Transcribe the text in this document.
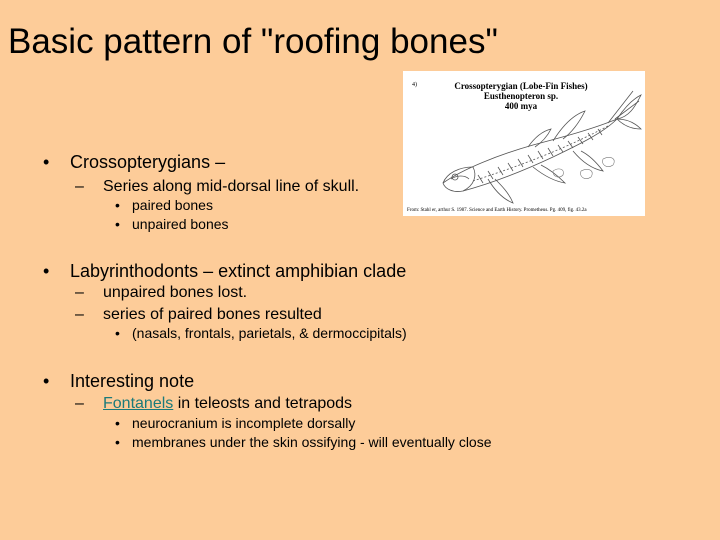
Basic pattern of "roofing bones"
4)	Crossopterygian (Lobe-Fin Fishes)
Eusthenopteron sp.
400 mya
From: Stahl er, arthur S. 1987. Science and Earth History. Prometheus. Pg. 409, fig. 43.2a
• Crossopterygians –
– Series along mid-dorsal line of skull.
• paired bones
• unpaired bones
• Labyrinthodonts – extinct amphibian clade
– unpaired bones lost.
– series of paired bones resulted
• (nasals, frontals, parietals, & dermoccipitals)
• Interesting note
– Fontanels in teleosts and tetrapods
• neurocranium is incomplete dorsally
• membranes under the skin ossifying - will eventually close
